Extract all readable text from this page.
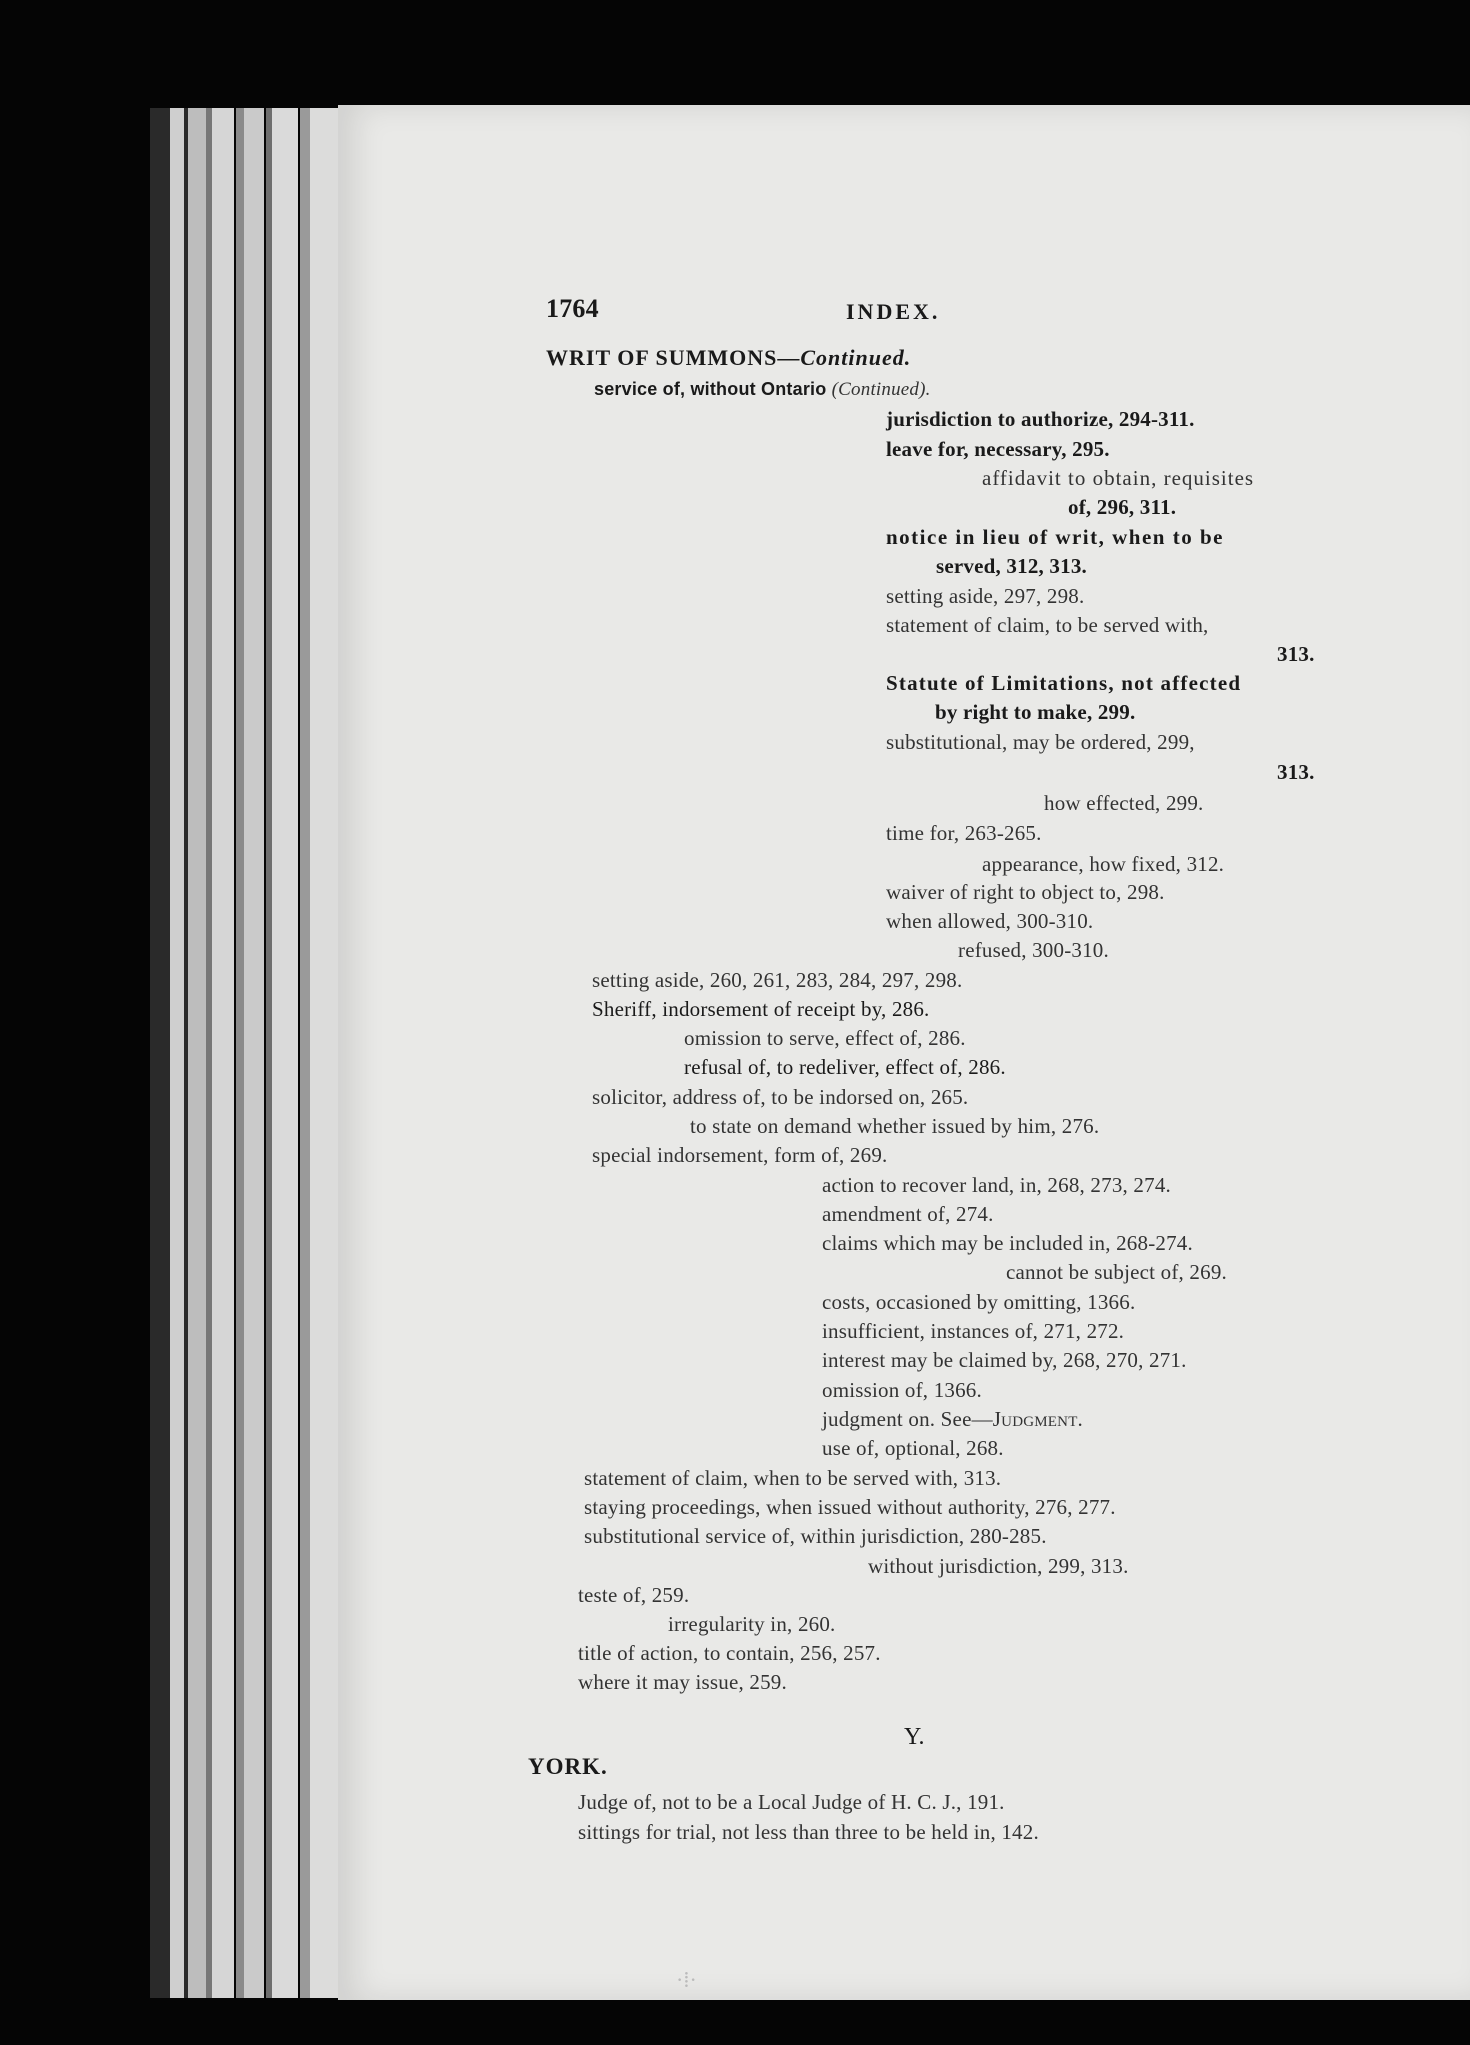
1764	INDEX.
WRIT OF SUMMONS—Continued.
service of, without Ontario (Continued).
jurisdiction to authorize, 294-311.
leave for, necessary, 295.
affidavit to obtain, requisites
of, 296, 311.
notice in lieu of writ, when to be
served, 312, 313.
setting aside, 297, 298.
statement of claim, to be served with,
313.
Statute of Limitations, not affected
by right to make, 299.
substitutional, may be ordered, 299,
313.
how effected, 299.
time for, 263-265.
appearance, how fixed, 312.
waiver of right to object to, 298.
when allowed, 300-310.
refused, 300-310.
setting aside, 260, 261, 283, 284, 297, 298.
Sheriff, indorsement of receipt by, 286.
omission to serve, effect of, 286.
refusal of, to redeliver, effect of, 286.
solicitor, address of, to be indorsed on, 265.
to state on demand whether issued by him, 276.
special indorsement, form of, 269.
action to recover land, in, 268, 273, 274.
amendment of, 274.
claims which may be included in, 268-274.
cannot be subject of, 269.
costs, occasioned by omitting, 1366.
insufficient, instances of, 271, 272.
interest may be claimed by, 268, 270, 271.
omission of, 1366.
judgment on. See—Judgment.
use of, optional, 268.
statement of claim, when to be served with, 313.
staying proceedings, when issued without authority, 276, 277.
substitutional service of, within jurisdiction, 280-285.
without jurisdiction, 299, 313.
teste of, 259.
irregularity in, 260.
title of action, to contain, 256, 257.
where it may issue, 259.
Y.
YORK.
Judge of, not to be a Local Judge of H. C. J., 191.
sittings for trial, not less than three to be held in, 142.
·⁞·
